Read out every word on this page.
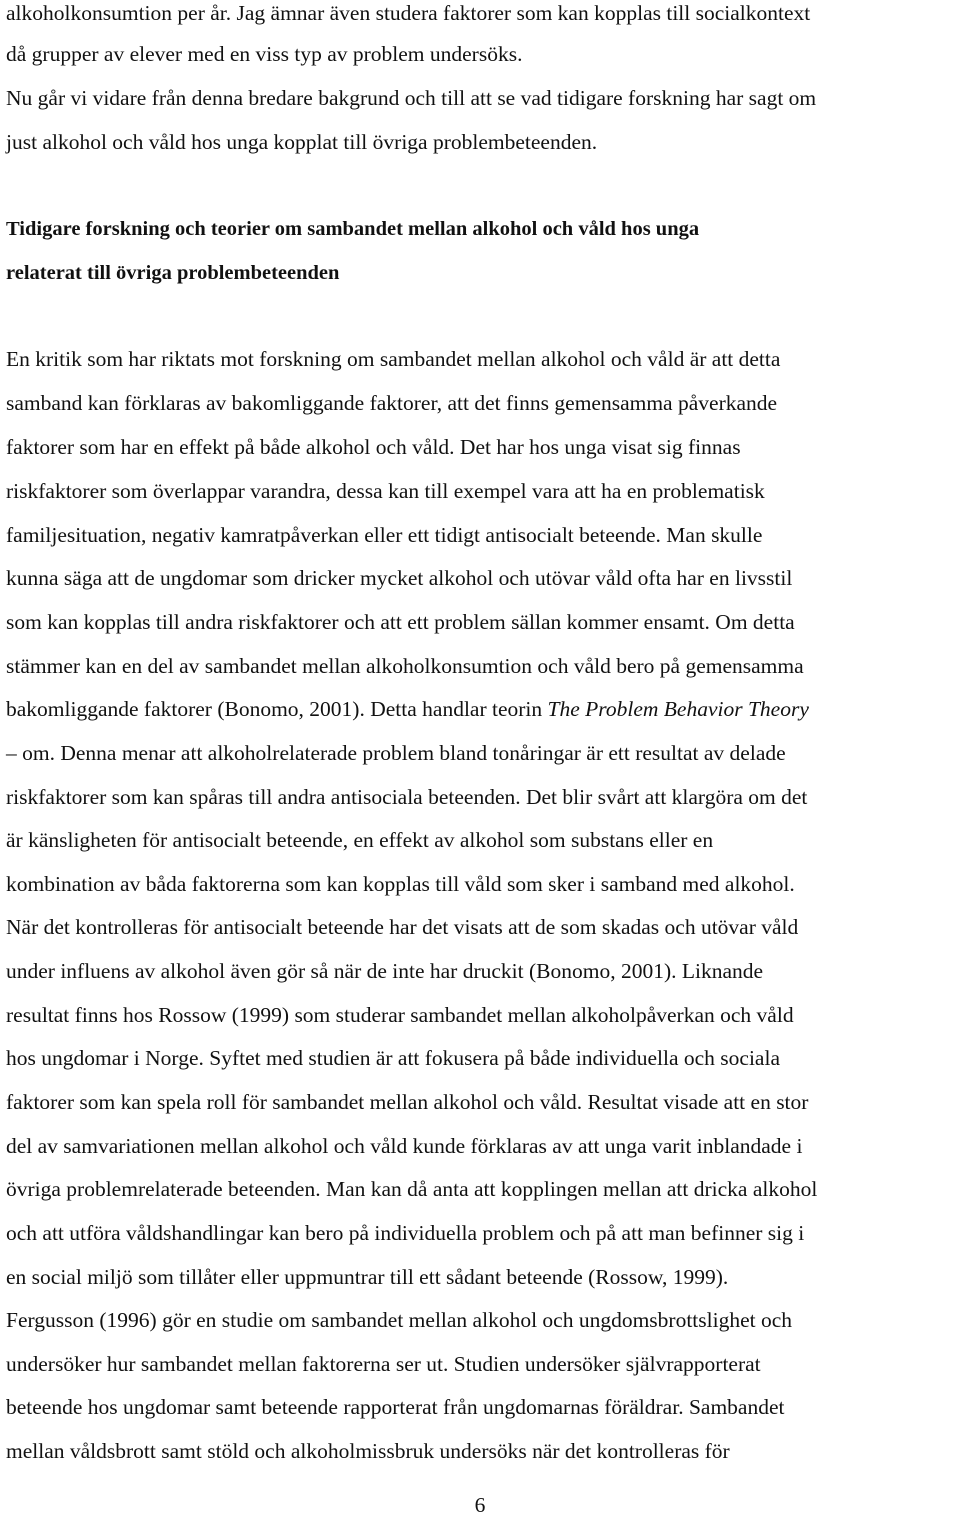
alkoholkonsumtion per år. Jag ämnar även studera faktorer som kan kopplas till socialkontext
då grupper av elever med en viss typ av problem undersöks.
Nu går vi vidare från denna bredare bakgrund och till att se vad tidigare forskning har sagt om
just alkohol och våld hos unga kopplat till övriga problembeteenden.
Tidigare forskning och teorier om sambandet mellan alkohol och våld hos unga
relaterat till övriga problembeteenden
En kritik som har riktats mot forskning om sambandet mellan alkohol och våld är att detta
samband kan förklaras av bakomliggande faktorer, att det finns gemensamma påverkande
faktorer som har en effekt på både alkohol och våld. Det har hos unga visat sig finnas
riskfaktorer som överlappar varandra, dessa kan till exempel vara att ha en problematisk
familjesituation, negativ kamratpåverkan eller ett tidigt antisocialt beteende. Man skulle
kunna säga att de ungdomar som dricker mycket alkohol och utövar våld ofta har en livsstil
som kan kopplas till andra riskfaktorer och att ett problem sällan kommer ensamt. Om detta
stämmer kan en del av sambandet mellan alkoholkonsumtion och våld bero på gemensamma
bakomliggande faktorer (Bonomo, 2001). Detta handlar teorin The Problem Behavior Theory
– om. Denna menar att alkoholrelaterade problem bland tonåringar är ett resultat av delade
riskfaktorer som kan spåras till andra antisociala beteenden. Det blir svårt att klargöra om det
är känsligheten för antisocialt beteende, en effekt av alkohol som substans eller en
kombination av båda faktorerna som kan kopplas till våld som sker i samband med alkohol.
När det kontrolleras för antisocialt beteende har det visats att de som skadas och utövar våld
under influens av alkohol även gör så när de inte har druckit (Bonomo, 2001). Liknande
resultat finns hos Rossow (1999) som studerar sambandet mellan alkoholpåverkan och våld
hos ungdomar i Norge. Syftet med studien är att fokusera på både individuella och sociala
faktorer som kan spela roll för sambandet mellan alkohol och våld. Resultat visade att en stor
del av samvariationen mellan alkohol och våld kunde förklaras av att unga varit inblandade i
övriga problemrelaterade beteenden. Man kan då anta att kopplingen mellan att dricka alkohol
och att utföra våldshandlingar kan bero på individuella problem och på att man befinner sig i
en social miljö som tillåter eller uppmuntrar till ett sådant beteende (Rossow, 1999).
Fergusson (1996) gör en studie om sambandet mellan alkohol och ungdomsbrottslighet och
undersöker hur sambandet mellan faktorerna ser ut. Studien undersöker självrapporterat
beteende hos ungdomar samt beteende rapporterat från ungdomarnas föräldrar. Sambandet
mellan våldsbrott samt stöld och alkoholmissbruk undersöks när det kontrolleras för
6
